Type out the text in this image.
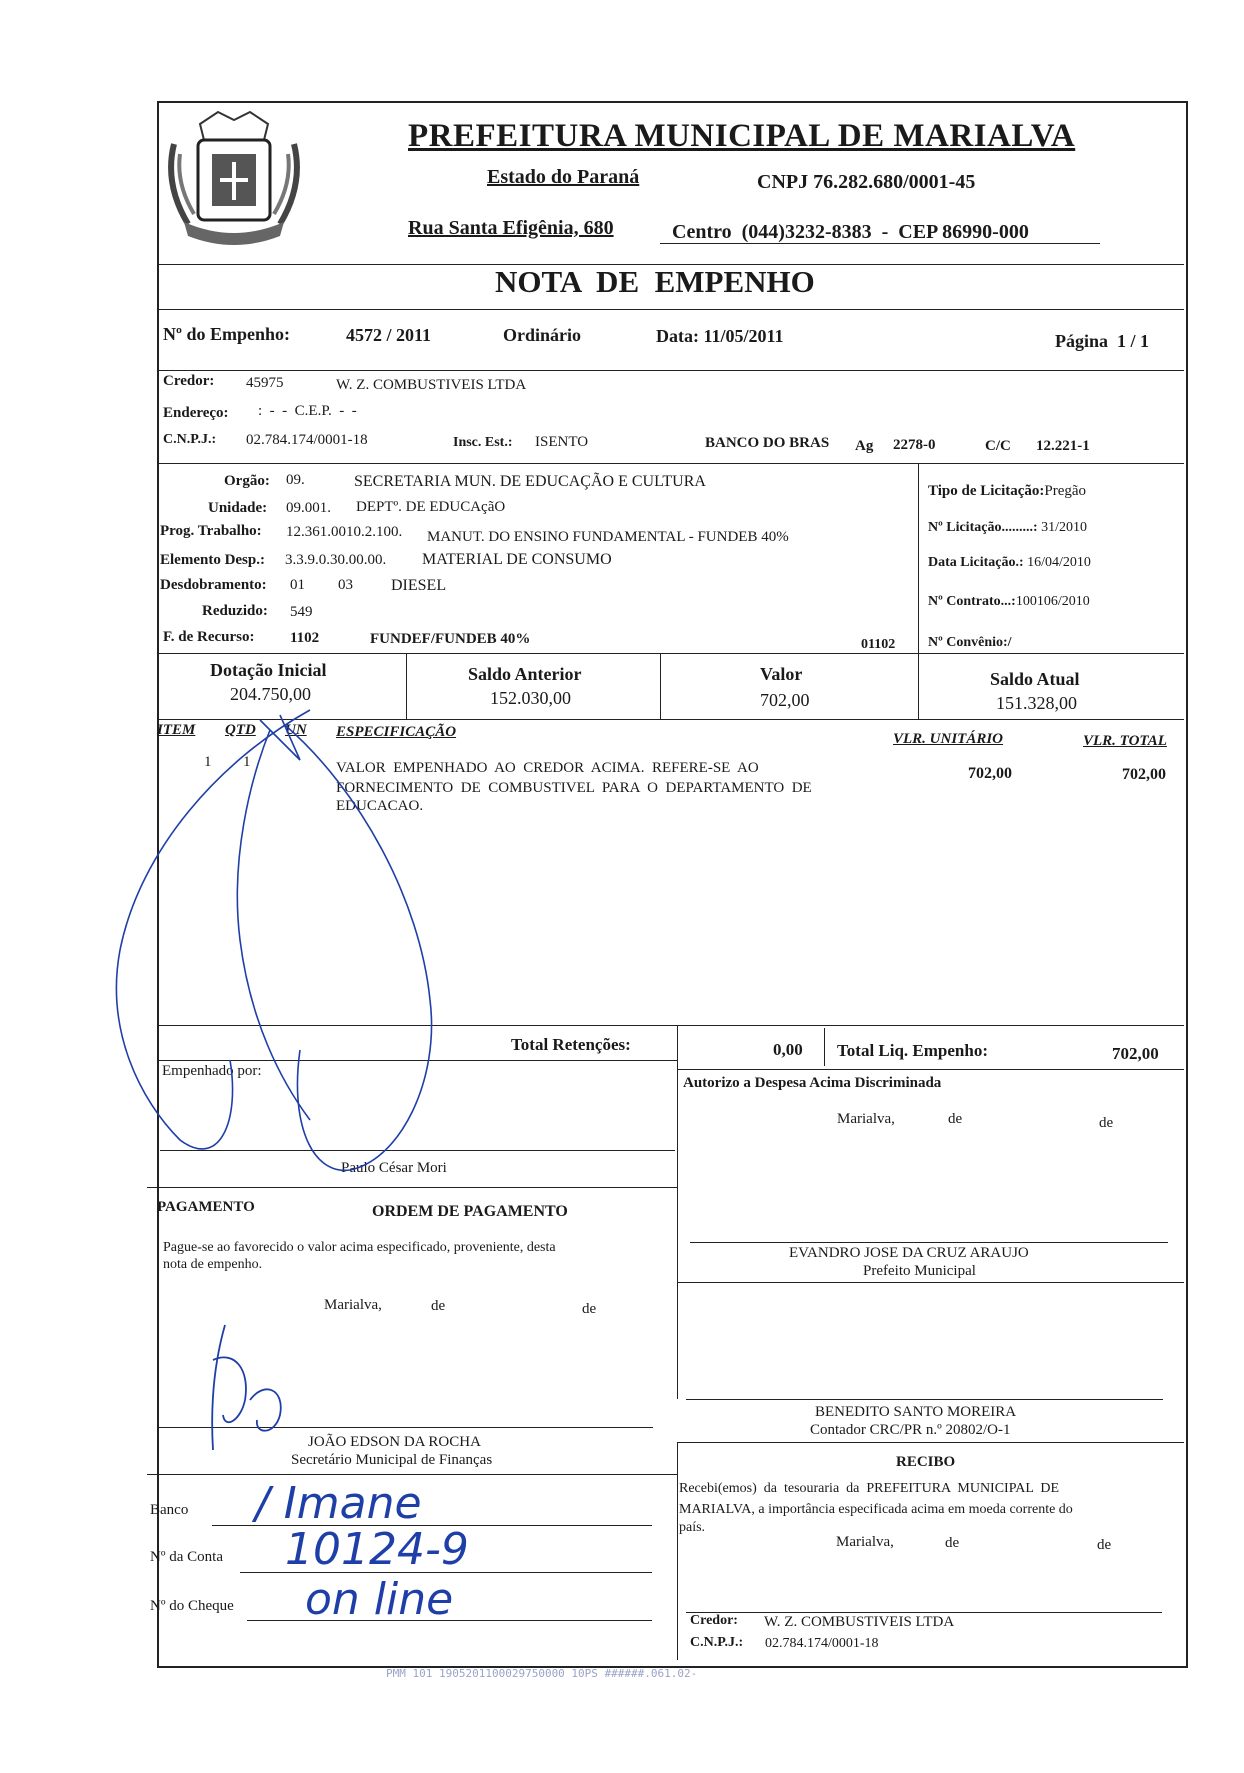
PREFEITURA MUNICIPAL DE MARIALVA
Estado do Paraná	CNPJ 76.282.680/0001-45
Rua Santa Efigênia, 680	Centro  (044)3232-8383  -  CEP 86990-000
NOTA  DE  EMPENHO
Nº do Empenho:	4572 / 2011	Ordinário	Data: 11/05/2011	Página  1 / 1
Credor: 45975	W. Z. COMBUSTIVEIS LTDA
Endereço: :  -  -  C.E.P.  -  -
C.N.P.J.: 02.784.174/0001-18	Insc. Est.: ISENTO	BANCO DO BRAS Ag 2278-0	C/C 12.221-1
Orgão: 09.	SECRETARIA MUN. DE EDUCAÇÃO E CULTURA
Unidade: 09.001. DEPTº. DE EDUCAçãO
Prog. Trabalho: 12.361.0010.2.100. MANUT. DO ENSINO FUNDAMENTAL - FUNDEB 40%
Elemento Desp.: 3.3.9.0.30.00.00. MATERIAL DE CONSUMO
Desdobramento: 01 03 DIESEL
Reduzido: 549
F. de Recurso: 1102	FUNDEF/FUNDEB 40%	01102
Tipo de Licitação:Pregão
Nº Licitação.........: 31/2010
Data Licitação.: 16/04/2010
Nº Contrato...:100106/2010
Nº Convênio:/
Dotação Inicial
204.750,00
Saldo Anterior
152.030,00
Valor
702,00
Saldo Atual
151.328,00
ITEM QTD UN ESPECIFICAÇÃO	VLR. UNITÁRIO	VLR. TOTAL
1 1	VALOR  EMPENHADO  AO  CREDOR  ACIMA.  REFERE-SE  AO
FORNECIMENTO  DE  COMBUSTIVEL  PARA  O  DEPARTAMENTO  DE
EDUCACAO.
702,00	702,00
Total Retenções:	0,00 Total Liq. Empenho:	702,00
Empenhado por:
Paulo César Mori
Autorizo a Despesa Acima Discriminada
Marialva,	de	de
EVANDRO JOSE DA CRUZ ARAUJO
Prefeito Municipal
PAGAMENTO	ORDEM DE PAGAMENTO
Pague-se ao favorecido o valor acima especificado, proveniente, desta
nota de empenho.
Marialva,	de	de
JOÃO EDSON DA ROCHA
Secretário Municipal de Finanças
BENEDITO SANTO MOREIRA
Contador CRC/PR n.º 20802/O-1
Banco / Imane
Nº da Conta 10124-9
Nº do Cheque on line
RECIBO
Recebi(emos)  da  tesouraria  da  PREFEITURA  MUNICIPAL  DE
MARIALVA, a importância especificada acima em moeda corrente do
país.
Marialva,	de	de
Credor: W. Z. COMBUSTIVEIS LTDA
C.N.P.J.: 02.784.174/0001-18
PMM 101 1905201100029750000 10PS ######.061.02-
